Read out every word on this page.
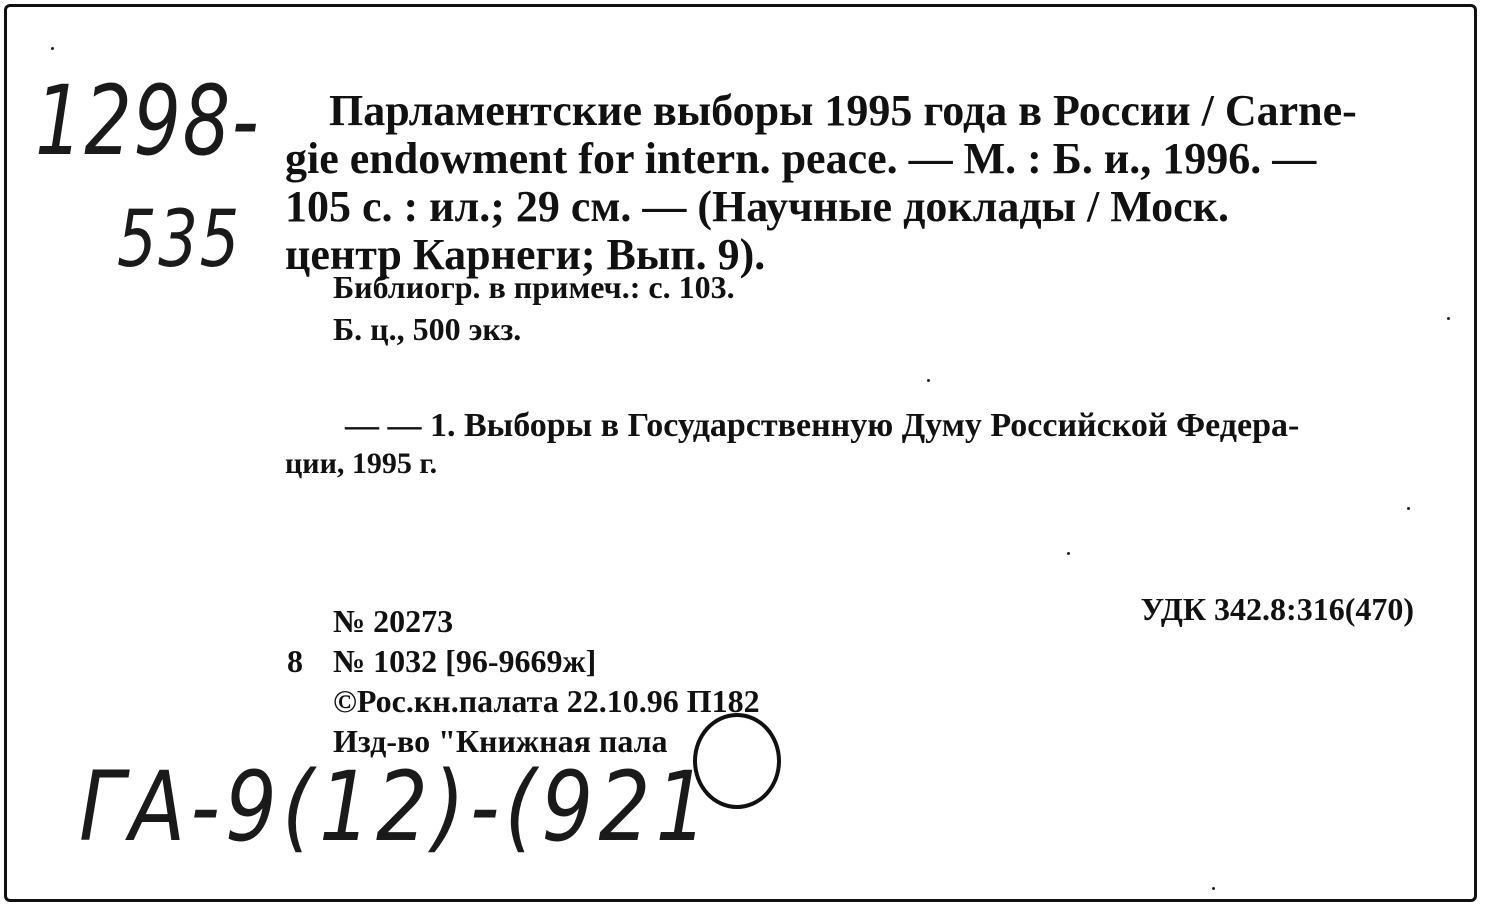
1298-
535
Парламентские выборы 1995 года в России / Carne-
gie endowment for intern. peace. — М. : Б. и., 1996. —
105 с. : ил.; 29 см. — (Научные доклады / Моск.
центр Карнеги; Вып. 9).
Библиогр. в примеч.: с. 103.
Б. ц., 500 экз.
— — 1. Выборы в Государственную Думу Российской Федера-
ции, 1995 г.
УДК 342.8:316(470)
№ 20273
8 № 1032 [96-9669ж]
©Рос.кн.палата 22.10.96 П182
Изд-во "Книжная пала
ГА-9(12)-(921
